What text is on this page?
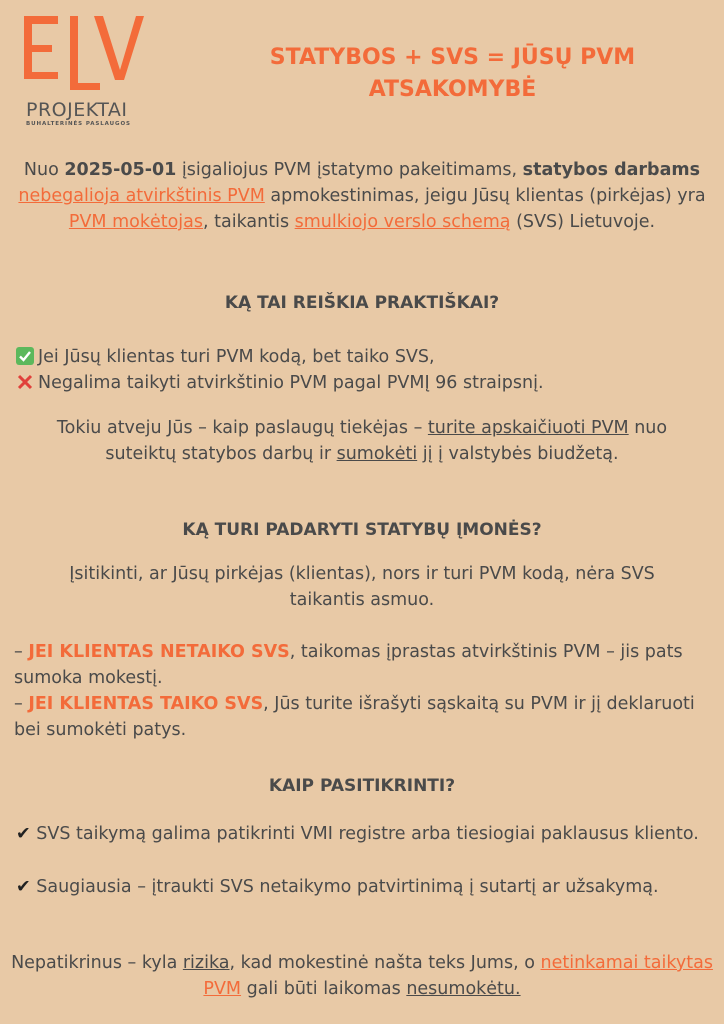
PROJEKTAI
BUHALTERINĖS PASLAUGOS
STATYBOS + SVS = JŪSŲ PVM
ATSAKOMYBĖ
Nuo 2025-05-01 įsigaliojus PVM įstatymo pakeitimams, statybos darbams nebegalioja atvirkštinis PVM apmokestinimas, jeigu Jūsų klientas (pirkėjas) yra PVM mokėtojas, taikantis smulkiojo verslo schemą (SVS) Lietuvoje.
KĄ TAI REIŠKIA PRAKTIŠKAI?
Jei Jūsų klientas turi PVM kodą, bet taiko SVS,
Negalima taikyti atvirkštinio PVM pagal PVMĮ 96 straipsnį.
Tokiu atveju Jūs – kaip paslaugų tiekėjas – turite apskaičiuoti PVM nuo suteiktų statybos darbų ir sumokėti jį į valstybės biudžetą.
KĄ TURI PADARYTI STATYBŲ ĮMONĖS?
Įsitikinti, ar Jūsų pirkėjas (klientas), nors ir turi PVM kodą, nėra SVS taikantis asmuo.
– JEI KLIENTAS NETAIKO SVS, taikomas įprastas atvirkštinis PVM – jis pats sumoka mokestį.
– JEI KLIENTAS TAIKO SVS, Jūs turite išrašyti sąskaitą su PVM ir jį deklaruoti bei sumokėti patys.
KAIP PASITIKRINTI?
✔ SVS taikymą galima patikrinti VMI registre arba tiesiogiai paklausus kliento.
✔ Saugiausia – įtraukti SVS netaikymo patvirtinimą į sutartį ar užsakymą.
Nepatikrinus – kyla rizika, kad mokestinė našta teks Jums, o netinkamai taikytas PVM gali būti laikomas nesumokėtu.
